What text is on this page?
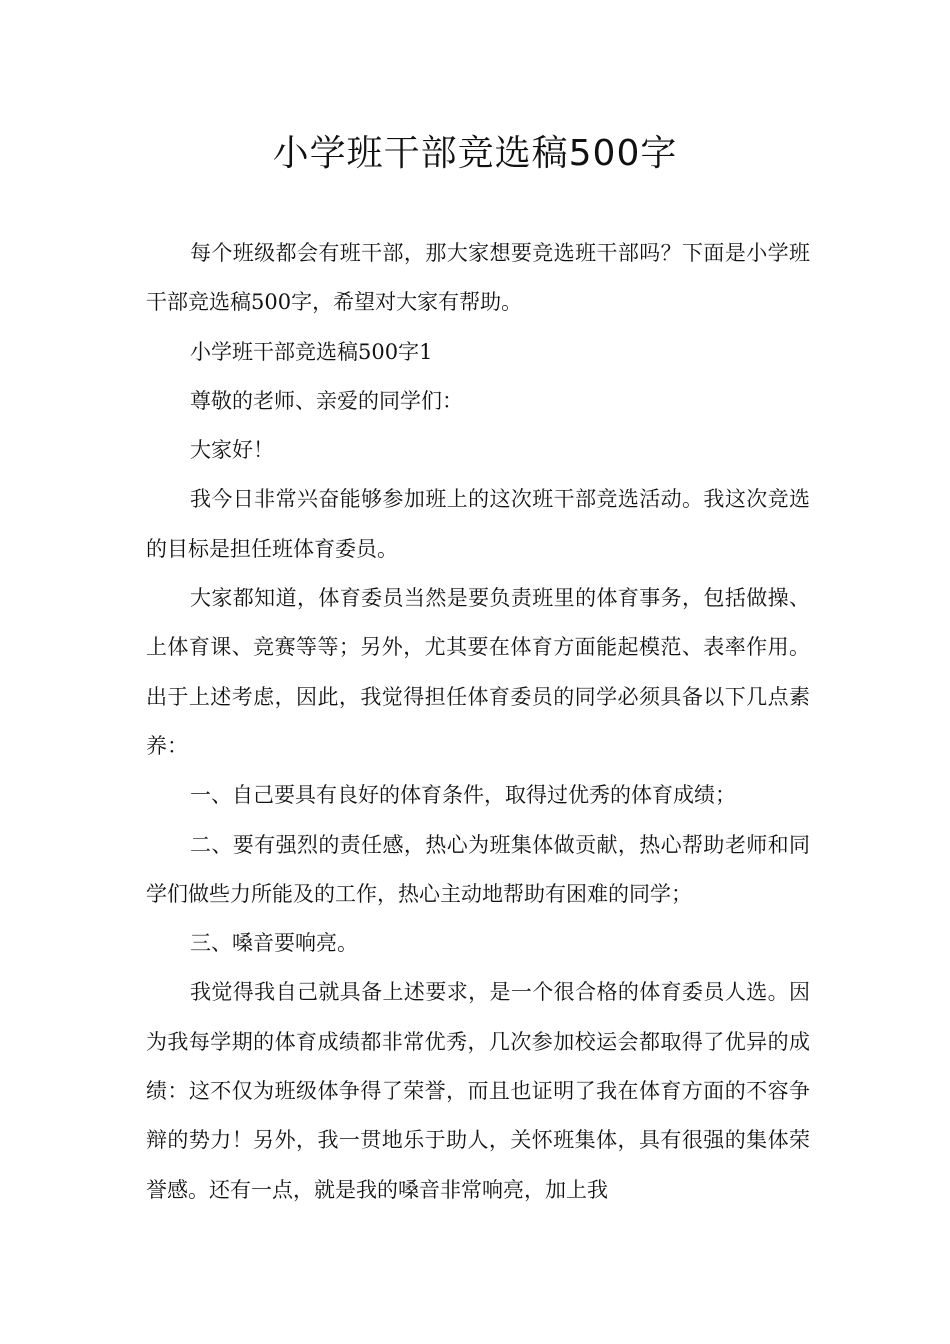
小学班干部竞选稿500字

每个班级都会有班干部，那大家想要竞选班干部吗？下面是小学班干部竞选稿500字，希望对大家有帮助。

小学班干部竞选稿500字1

尊敬的老师、亲爱的同学们：

大家好！

我今日非常兴奋能够参加班上的这次班干部竞选活动。我这次竞选的目标是担任班体育委员。

大家都知道，体育委员当然是要负责班里的体育事务，包括做操、上体育课、竞赛等等；另外，尤其要在体育方面能起模范、表率作用。出于上述考虑，因此，我觉得担任体育委员的同学必须具备以下几点素养：

一、自己要具有良好的体育条件，取得过优秀的体育成绩；

二、要有强烈的责任感，热心为班集体做贡献，热心帮助老师和同学们做些力所能及的工作，热心主动地帮助有困难的同学；

三、嗓音要响亮。

我觉得我自己就具备上述要求，是一个很合格的体育委员人选。因为我每学期的体育成绩都非常优秀，几次参加校运会都取得了优异的成绩：这不仅为班级体争得了荣誉，而且也证明了我在体育方面的不容争辩的势力！另外，我一贯地乐于助人，关怀班集体，具有很强的集体荣誉感。还有一点，就是我的嗓音非常响亮，加上我
